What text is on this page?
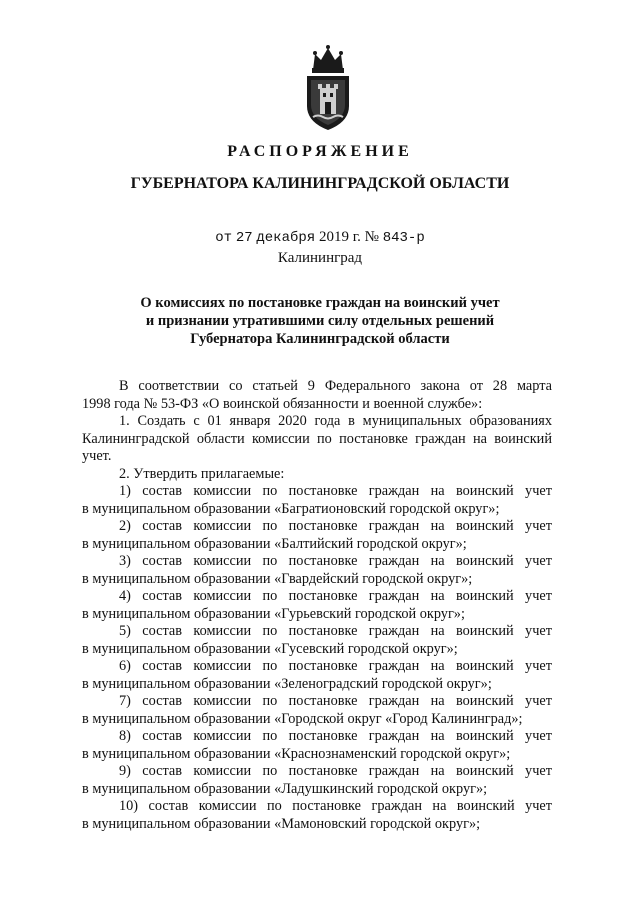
РАСПОРЯЖЕНИЕ
ГУБЕРНАТОРА КАЛИНИНГРАДСКОЙ ОБЛАСТИ
от 27 декабря 2019 г. № 843-р
Калининград
О комиссиях по постановке граждан на воинский учет
и признании утратившими силу отдельных решений
Губернатора Калининградской области

В соответствии со статьей 9 Федерального закона от 28 марта

1998 года № 53-ФЗ «О воинской обязанности и военной службе»:

1. Создать с 01 января 2020 года в муниципальных образованиях

Калининградской области комиссии по постановке граждан на воинский

учет.

2. Утвердить прилагаемые:

1) состав комиссии по постановке граждан на воинский учет
в муниципальном образовании «Багратионовский городской округ»;
2) состав комиссии по постановке граждан на воинский учет
в муниципальном образовании «Балтийский городской округ»;
3) состав комиссии по постановке граждан на воинский учет
в муниципальном образовании «Гвардейский городской округ»;
4) состав комиссии по постановке граждан на воинский учет
в муниципальном образовании «Гурьевский городской округ»;
5) состав комиссии по постановке граждан на воинский учет
в муниципальном образовании «Гусевский городской округ»;
6) состав комиссии по постановке граждан на воинский учет
в муниципальном образовании «Зеленоградский городской округ»;
7) состав комиссии по постановке граждан на воинский учет
в муниципальном образовании «Городской округ «Город Калининград»;
8) состав комиссии по постановке граждан на воинский учет
в муниципальном образовании «Краснознаменский городской округ»;
9) состав комиссии по постановке граждан на воинский учет
в муниципальном образовании «Ладушкинский городской округ»;
10) состав комиссии по постановке граждан на воинский учет
в муниципальном образовании «Мамоновский городской округ»;
